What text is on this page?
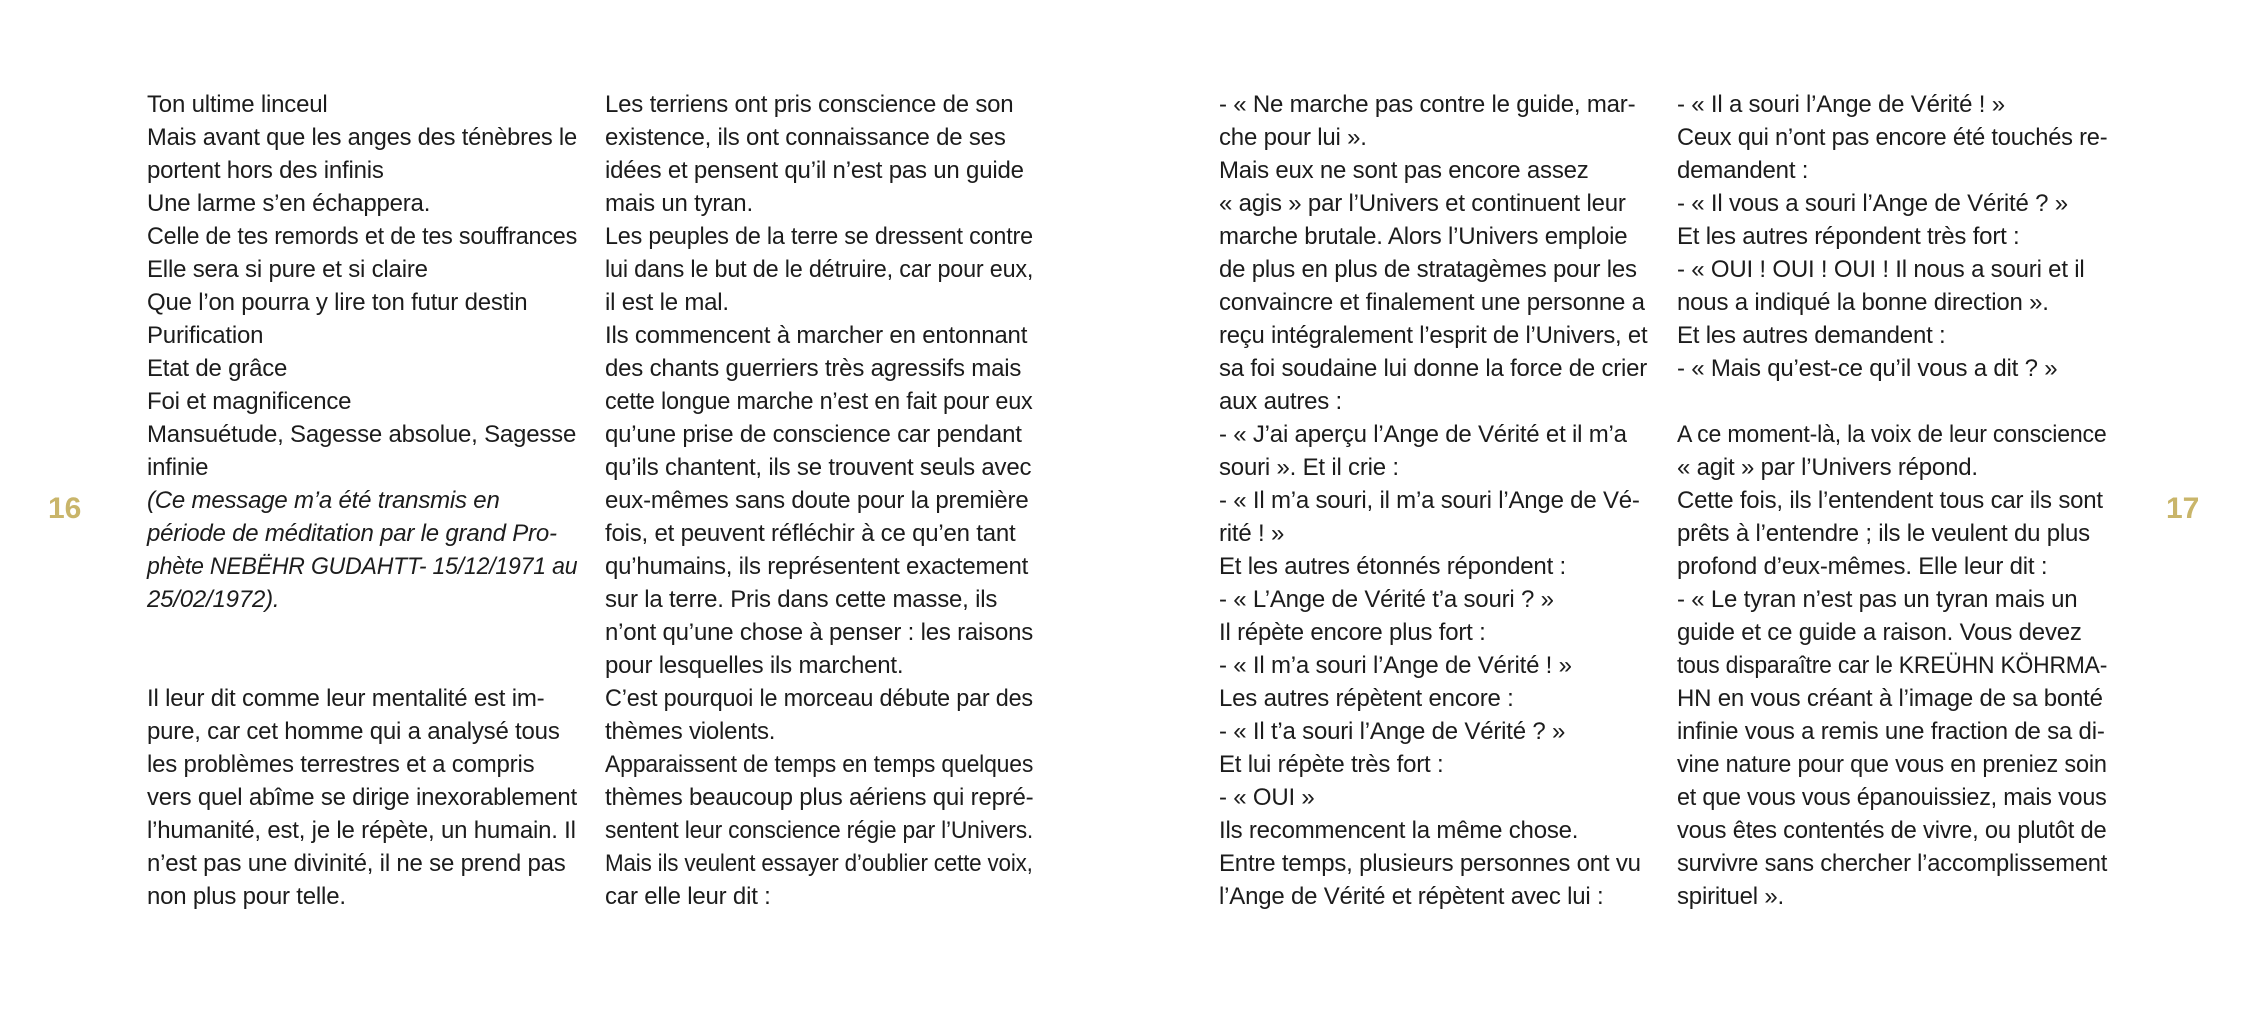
16	17
Ton ultime linceul
Mais avant que les anges des ténèbres le
portent hors des infinis
Une larme s’en échappera.
Celle de tes remords et de tes souffrances
Elle sera si pure et si claire
Que l’on pourra y lire ton futur destin
Purification
Etat de grâce
Foi et magnificence
Mansuétude, Sagesse absolue, Sagesse
infinie
(Ce message m’a été transmis en
période de méditation par le grand Pro-
phète NEBËHR GUDAHTT- 15/12/1971 au
25/02/1972).
Il leur dit comme leur mentalité est im-
pure, car cet homme qui a analysé tous
les problèmes terrestres et a compris
vers quel abîme se dirige inexorablement
l’humanité, est, je le répète, un humain. Il
n’est pas une divinité, il ne se prend pas
non plus pour telle.
Les terriens ont pris conscience de son
existence, ils ont connaissance de ses
idées et pensent qu’il n’est pas un guide
mais un tyran.
Les peuples de la terre se dressent contre
lui dans le but de le détruire, car pour eux,
il est le mal.
Ils commencent à marcher en entonnant
des chants guerriers très agressifs mais
cette longue marche n’est en fait pour eux
qu’une prise de conscience car pendant
qu’ils chantent, ils se trouvent seuls avec
eux-mêmes sans doute pour la première
fois, et peuvent réfléchir à ce qu’en tant
qu’humains, ils représentent exactement
sur la terre. Pris dans cette masse, ils
n’ont qu’une chose à penser : les raisons
pour lesquelles ils marchent.
C’est pourquoi le morceau débute par des
thèmes violents.
Apparaissent de temps en temps quelques
thèmes beaucoup plus aériens qui repré-
sentent leur conscience régie par l’Univers.
Mais ils veulent essayer d’oublier cette voix,
car elle leur dit :
- « Ne marche pas contre le guide, mar-
che pour lui ».
Mais eux ne sont pas encore assez
« agis » par l’Univers et continuent leur
marche brutale. Alors l’Univers emploie
de plus en plus de stratagèmes pour les
convaincre et finalement une personne a
reçu intégralement l’esprit de l’Univers, et
sa foi soudaine lui donne la force de crier
aux autres :
- « J’ai aperçu l’Ange de Vérité et il m’a
souri ». Et il crie :
- « Il m’a souri, il m’a souri l’Ange de Vé-
rité ! »
Et les autres étonnés répondent :
- « L’Ange de Vérité t’a souri ? »
Il répète encore plus fort :
- « Il m’a souri l’Ange de Vérité ! »
Les autres répètent encore :
- « Il t’a souri l’Ange de Vérité ? »
Et lui répète très fort :
- « OUI »
Ils recommencent la même chose.
Entre temps, plusieurs personnes ont vu
l’Ange de Vérité et répètent avec lui :
- « Il a souri l’Ange de Vérité ! »
Ceux qui n’ont pas encore été touchés re-
demandent :
- « Il vous a souri l’Ange de Vérité ? »
Et les autres répondent très fort :
- « OUI ! OUI ! OUI ! Il nous a souri et il
nous a indiqué la bonne direction ».
Et les autres demandent :
- « Mais qu’est-ce qu’il vous a dit ? »
A ce moment-là, la voix de leur conscience
« agit » par l’Univers répond.
Cette fois, ils l’entendent tous car ils sont
prêts à l’entendre ; ils le veulent du plus
profond d’eux-mêmes. Elle leur dit :
- « Le tyran n’est pas un tyran mais un
guide et ce guide a raison. Vous devez
tous disparaître car le KREÜHN KÖHRMA-
HN en vous créant à l’image de sa bonté
infinie vous a remis une fraction de sa di-
vine nature pour que vous en preniez soin
et que vous vous épanouissiez, mais vous
vous êtes contentés de vivre, ou plutôt de
survivre sans chercher l’accomplissement
spirituel ».
